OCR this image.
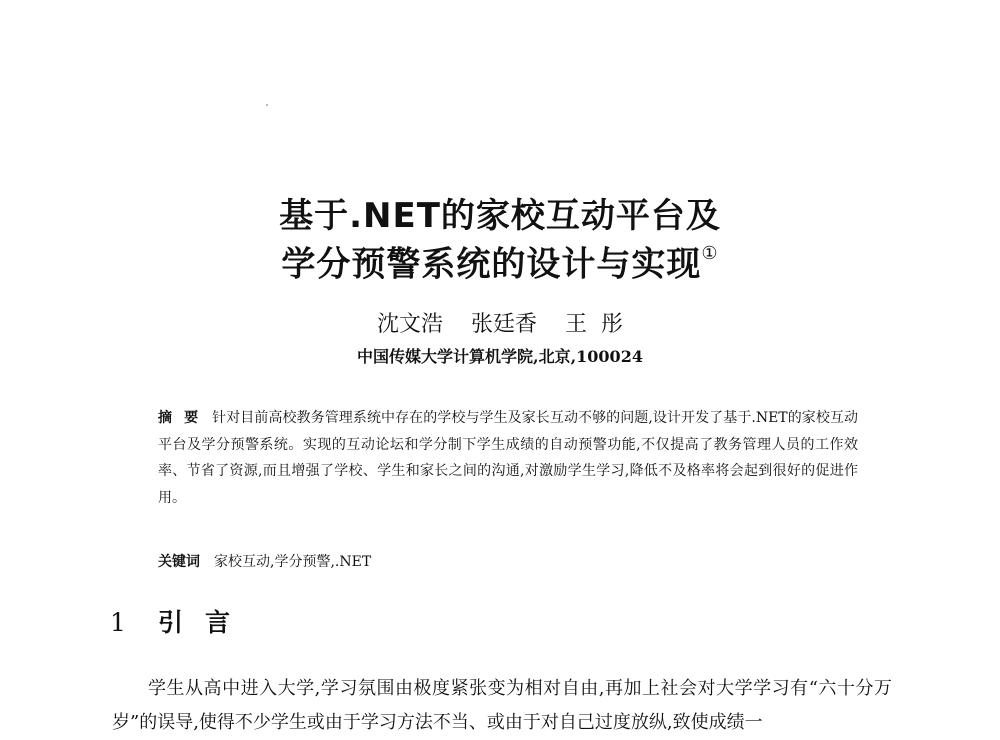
基于.NET的家校互动平台及
学分预警系统的设计与实现①
沈文浩 张廷香 王  彤
中国传媒大学计算机学院,北京,100024
摘要 针对目前高校教务管理系统中存在的学校与学生及家长互动不够的问题,设计开发了基于.NET的家校互动平台及学分预警系统。实现的互动论坛和学分制下学生成绩的自动预警功能,不仅提高了教务管理人员的工作效率、节省了资源,而且增强了学校、学生和家长之间的沟通,对激励学生学习,降低不及格率将会起到很好的促进作用。
关键词 家校互动,学分预警,.NET
1 引言
学生从高中进入大学,学习氛围由极度紧张变为相对自由,再加上社会对大学学习有“六十分万岁”的误导,使得不少学生或由于学习方法不当、或由于对自己过度放纵,致使成绩一
